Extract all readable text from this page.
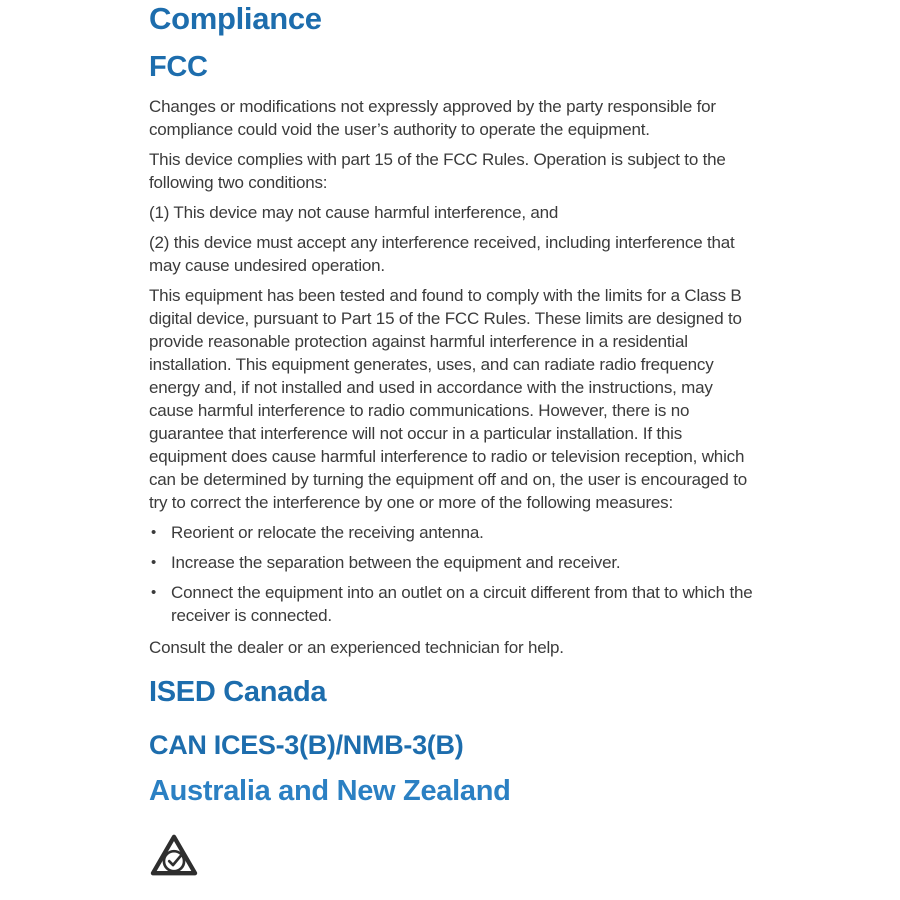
Compliance
FCC

Changes or modifications not expressly approved by the party responsible for compliance could void the user’s authority to operate the equipment.

This device complies with part 15 of the FCC Rules. Operation is subject to the following two conditions:

(1) This device may not cause harmful interference, and

(2) this device must accept any interference received, including interference that may cause undesired operation.

This equipment has been tested and found to comply with the limits for a Class B digital device, pursuant to Part 15 of the FCC Rules. These limits are designed to provide reasonable protection against harmful interference in a residential installation. This equipment generates, uses, and can radiate radio frequency energy and, if not installed and used in accordance with the instructions, may cause harmful interference to radio communications. However, there is no guarantee that interference will not occur in a particular installation. If this equipment does cause harmful interference to radio or television reception, which can be determined by turning the equipment off and on, the user is encouraged to try to correct the interference by one or more of the following measures:

• Reorient or relocate the receiving antenna.
• Increase the separation between the equipment and receiver.
• Connect the equipment into an outlet on a circuit different from that to which the receiver is connected.

Consult the dealer or an experienced technician for help.

ISED Canada
CAN ICES-3(B)/NMB-3(B)
Australia and New Zealand
